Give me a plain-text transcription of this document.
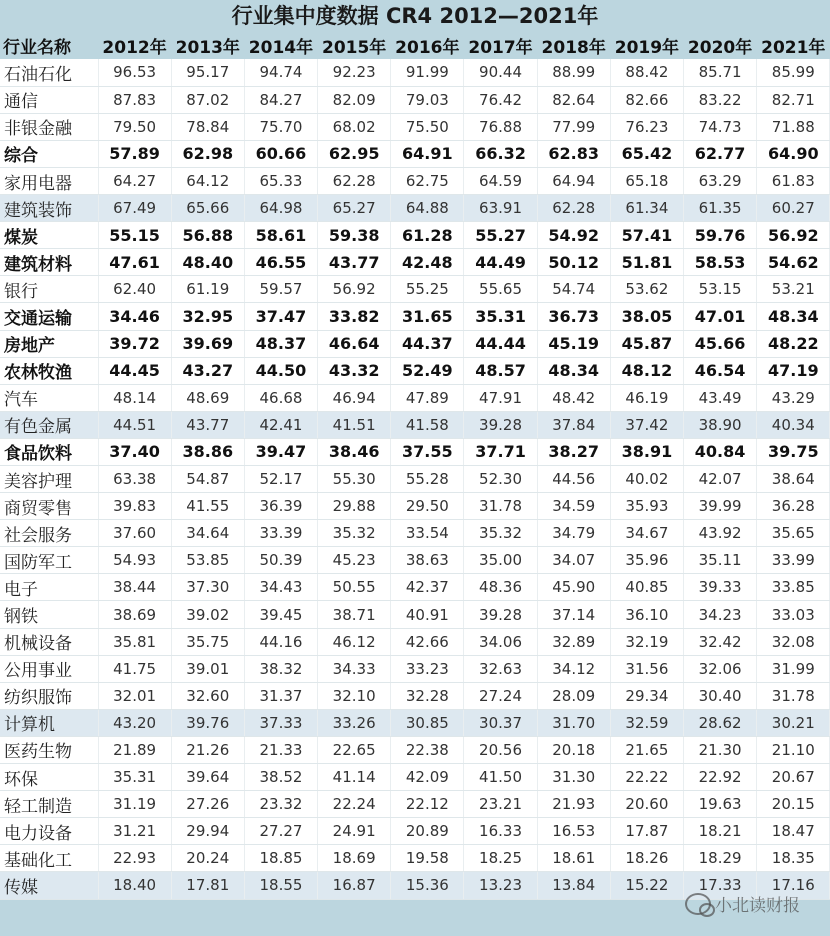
行业集中度数据 CR4 2012—2021年
行业名称	2012年	2013年	2014年	2015年	2016年	2017年	2018年	2019年	2020年	2021年
石油石化	96.53	95.17	94.74	92.23	91.99	90.44	88.99	88.42	85.71	85.99
通信	87.83	87.02	84.27	82.09	79.03	76.42	82.64	82.66	83.22	82.71
非银金融	79.50	78.84	75.70	68.02	75.50	76.88	77.99	76.23	74.73	71.88
综合	57.89	62.98	60.66	62.95	64.91	66.32	62.83	65.42	62.77	64.90
家用电器	64.27	64.12	65.33	62.28	62.75	64.59	64.94	65.18	63.29	61.83
建筑装饰	67.49	65.66	64.98	65.27	64.88	63.91	62.28	61.34	61.35	60.27
煤炭	55.15	56.88	58.61	59.38	61.28	55.27	54.92	57.41	59.76	56.92
建筑材料	47.61	48.40	46.55	43.77	42.48	44.49	50.12	51.81	58.53	54.62
银行	62.40	61.19	59.57	56.92	55.25	55.65	54.74	53.62	53.15	53.21
交通运输	34.46	32.95	37.47	33.82	31.65	35.31	36.73	38.05	47.01	48.34
房地产	39.72	39.69	48.37	46.64	44.37	44.44	45.19	45.87	45.66	48.22
农林牧渔	44.45	43.27	44.50	43.32	52.49	48.57	48.34	48.12	46.54	47.19
汽车	48.14	48.69	46.68	46.94	47.89	47.91	48.42	46.19	43.49	43.29
有色金属	44.51	43.77	42.41	41.51	41.58	39.28	37.84	37.42	38.90	40.34
食品饮料	37.40	38.86	39.47	38.46	37.55	37.71	38.27	38.91	40.84	39.75
美容护理	63.38	54.87	52.17	55.30	55.28	52.30	44.56	40.02	42.07	38.64
商贸零售	39.83	41.55	36.39	29.88	29.50	31.78	34.59	35.93	39.99	36.28
社会服务	37.60	34.64	33.39	35.32	33.54	35.32	34.79	34.67	43.92	35.65
国防军工	54.93	53.85	50.39	45.23	38.63	35.00	34.07	35.96	35.11	33.99
电子	38.44	37.30	34.43	50.55	42.37	48.36	45.90	40.85	39.33	33.85
钢铁	38.69	39.02	39.45	38.71	40.91	39.28	37.14	36.10	34.23	33.03
机械设备	35.81	35.75	44.16	46.12	42.66	34.06	32.89	32.19	32.42	32.08
公用事业	41.75	39.01	38.32	34.33	33.23	32.63	34.12	31.56	32.06	31.99
纺织服饰	32.01	32.60	31.37	32.10	32.28	27.24	28.09	29.34	30.40	31.78
计算机	43.20	39.76	37.33	33.26	30.85	30.37	31.70	32.59	28.62	30.21
医药生物	21.89	21.26	21.33	22.65	22.38	20.56	20.18	21.65	21.30	21.10
环保	35.31	39.64	38.52	41.14	42.09	41.50	31.30	22.22	22.92	20.67
轻工制造	31.19	27.26	23.32	22.24	22.12	23.21	21.93	20.60	19.63	20.15
电力设备	31.21	29.94	27.27	24.91	20.89	16.33	16.53	17.87	18.21	18.47
基础化工	22.93	20.24	18.85	18.69	19.58	18.25	18.61	18.26	18.29	18.35
传媒	18.40	17.81	18.55	16.87	15.36	13.23	13.84	15.22	17.33	17.16
小北读财报
